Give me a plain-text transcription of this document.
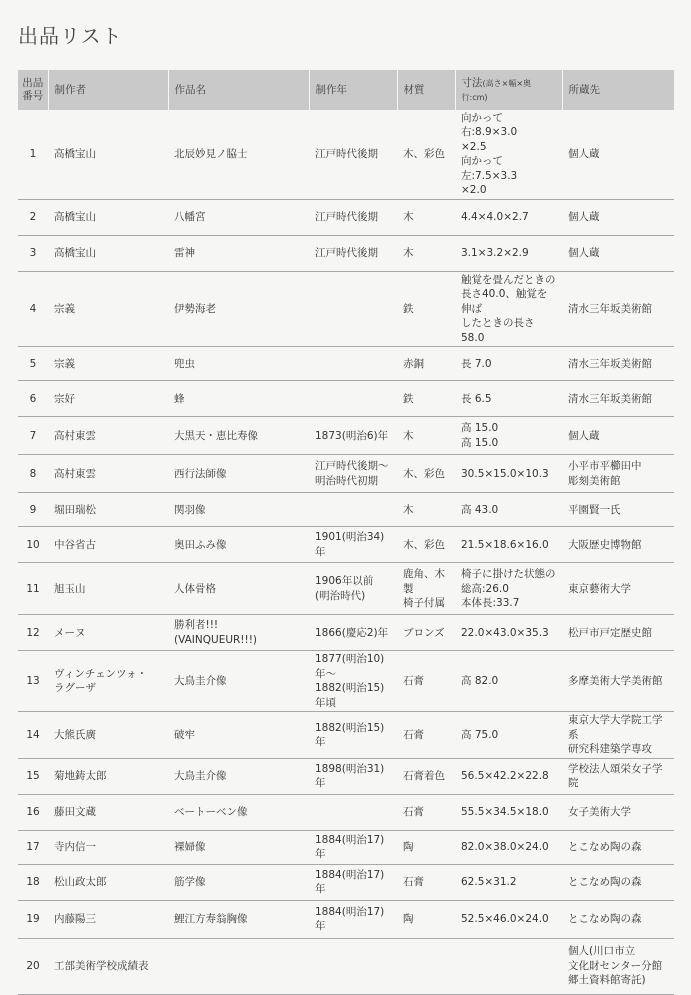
出品リスト
出品
番号	制作者	作品名	制作年	材質	寸法(高さ×幅×奥行:cm)	所蔵先
1	高橋宝山	北辰妙見ノ脇士	江戸時代後期	木、彩色	向かって右:8.9×3.0
×2.5
向かって左:7.5×3.3
×2.0	個人蔵
2	高橋宝山	八幡宮	江戸時代後期	木	4.4×4.0×2.7	個人蔵
3	高橋宝山	雷神	江戸時代後期	木	3.1×3.2×2.9	個人蔵
4	宗義	伊勢海老		鉄	触覚を畳んだときの
長さ40.0、触覚を伸ば
したときの長さ58.0	清水三年坂美術館
5	宗義	兜虫		赤銅	長 7.0	清水三年坂美術館
6	宗好	蜂		鉄	長 6.5	清水三年坂美術館
7	高村東雲	大黒天・恵比寿像	1873(明治6)年	木	高 15.0
高 15.0	個人蔵
8	高村東雲	西行法師像	江戸時代後期〜
明治時代初期	木、彩色	30.5×15.0×10.3	小平市平櫛田中
彫刻美術館
9	堀田瑞松	関羽像		木	高 43.0	平園賢一氏
10	中谷省古	奥田ふみ像	1901(明治34) 年	木、彩色	21.5×18.6×16.0	大阪歴史博物館
11	旭玉山	人体骨格	1906年以前
(明治時代)	鹿角、木製
椅子付属	椅子に掛けた状態の
総高:26.0
本体長:33.7	東京藝術大学
12	メーヌ	勝利者!!!
(VAINQUEUR!!!)	1866(慶応2)年	ブロンズ	22.0×43.0×35.3	松戸市戸定歴史館
13	ヴィンチェンツォ・
ラグーザ	大鳥圭介像	1877(明治10)年〜
1882(明治15)年頃	石膏	高 82.0	多摩美術大学美術館
14	大熊氏廣	破牢	1882(明治15)年	石膏	高 75.0	東京大学大学院工学系
研究科建築学専攻
15	菊地鋳太郎	大鳥圭介像	1898(明治31)年	石膏着色	56.5×42.2×22.8	学校法人頌栄女子学院
16	藤田文蔵	ベートーベン像		石膏	55.5×34.5×18.0	女子美術大学
17	寺内信一	裸婦像	1884(明治17)年	陶	82.0×38.0×24.0	とこなめ陶の森
18	松山政太郎	筋学像	1884(明治17)年	石膏	62.5×31.2	とこなめ陶の森
19	内藤陽三	鯉江方寿翁胸像	1884(明治17)年	陶	52.5×46.0×24.0	とこなめ陶の森
20	工部美術学校成績表					個人(川口市立
文化財センター分館
郷土資料館寄託)
